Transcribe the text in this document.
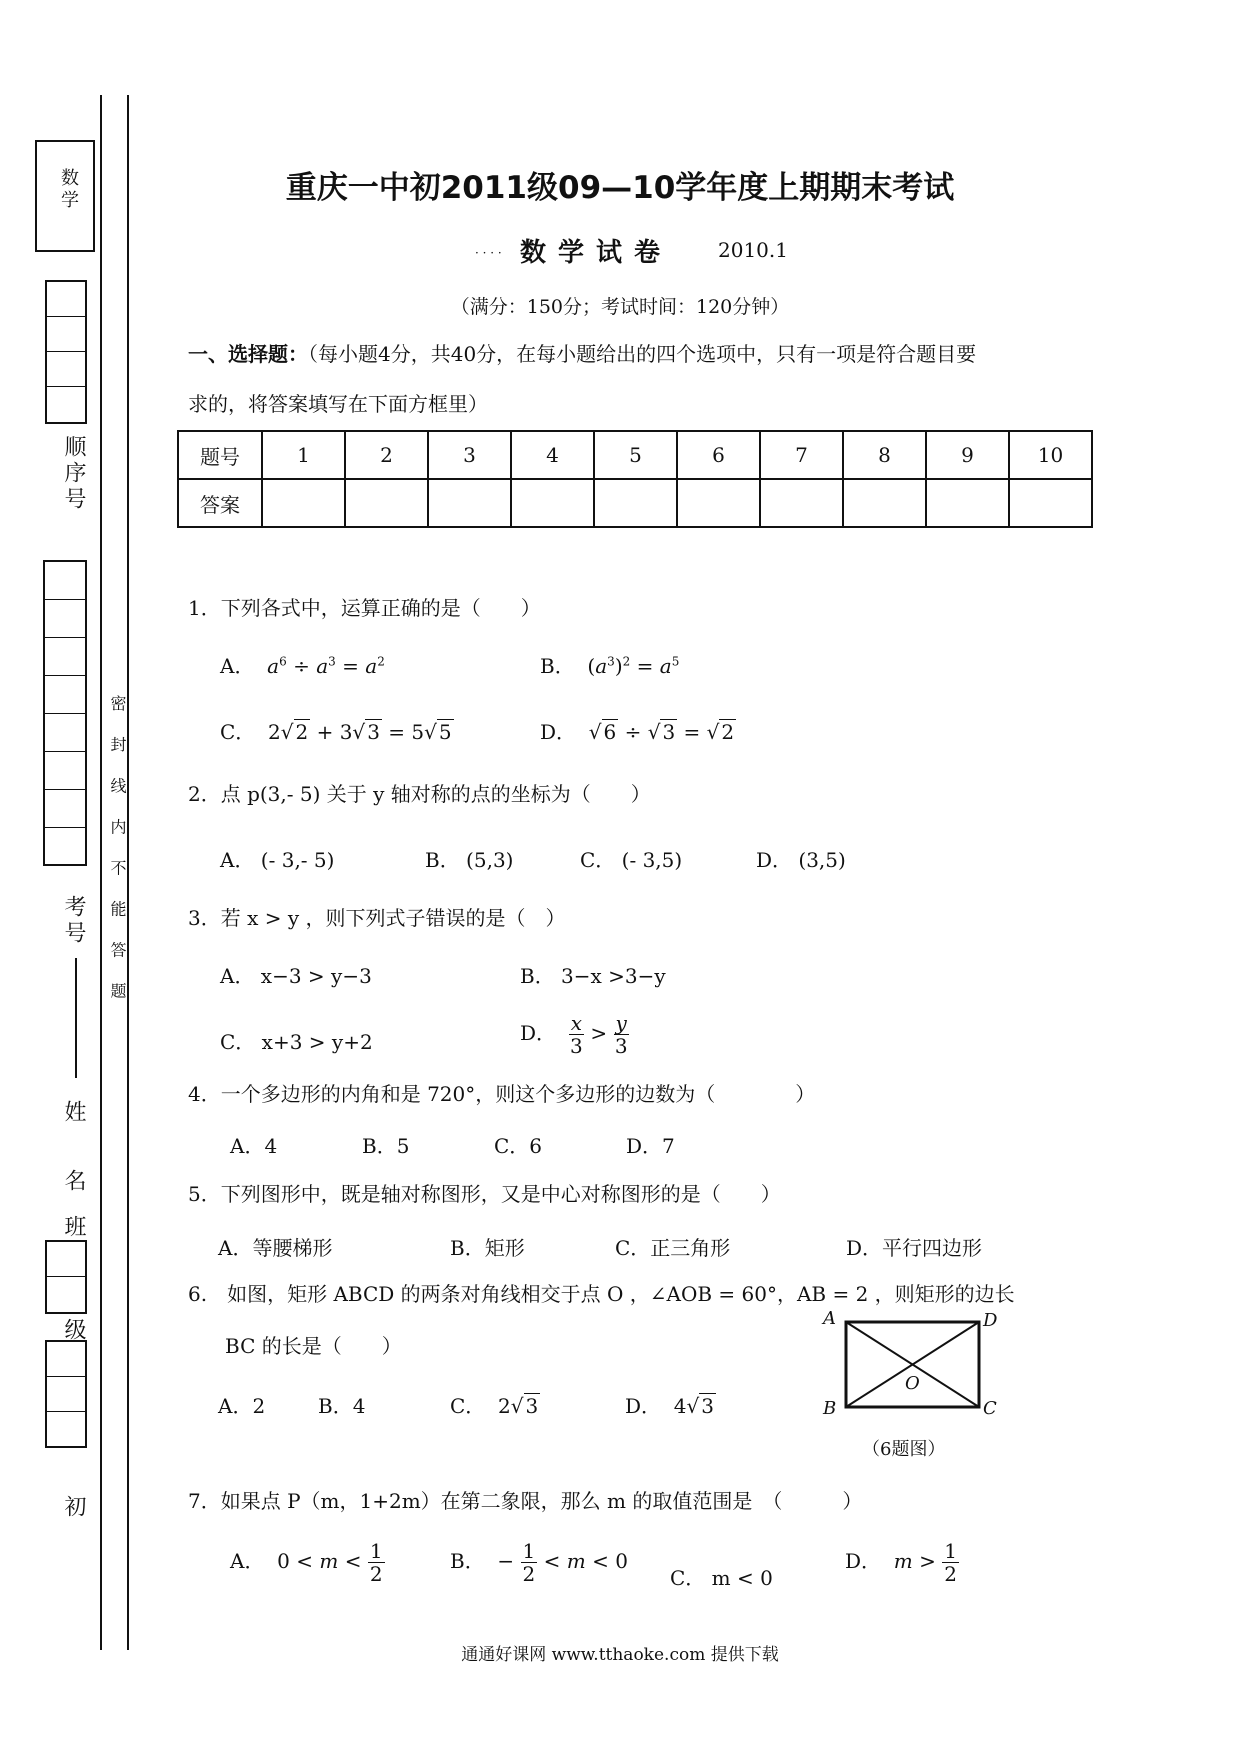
数学
顺序号
考号
姓 名
班
级
初
密 封 线 内 不 能 答 题
重庆一中初2011级09—10学年度上期期末考试
· · · · 数学试卷 2010.1
（满分：150分；考试时间：120分钟）
一、选择题：（每小题4分，共40分，在每小题给出的四个选项中，只有一项是符合题目要
求的，将答案填写在下面方框里）
题号	1	2	3	4	5	6	7	8	9	10
答案										
1．下列各式中，运算正确的是（　　）
A． $a^6 \div a^3 = a^2$	B．  $(a^3)^2 = a^5$
C．  2√ 2 + 3√ 3 = 5√ 5	D．  √ 6 ÷ √ 3 = √ 2
2．点 p(3,- 5) 关于 y 轴对称的点的坐标为（　　）
A． (- 3,- 5)	B． (5,3)	C． (- 3,5)	D． (3,5)
3．若 x > y ，则下列式子错误的是（　）
A． x−3 > y−3	B． 3−x >3−y
C． x+3 > y+2	D． $\frac{x}{3} > \frac{y}{3}$
4．一个多边形的内角和是 720°，则这个多边形的边数为（　　　　）
A．4	B．5	C．6	D．7
5．下列图形中，既是轴对称图形，又是中心对称图形的是（　　）
A．等腰梯形	B．矩形	C．正三角形	D．平行四边形
6.　如图，矩形 ABCD 的两条对角线相交于点 O ，∠AOB = 60°，AB = 2 ，则矩形的边长
BC 的长是（　　）
A．2	B．4	C．  2√ 3	D．  4√ 3
A	D
B	C
O
（6题图）
7．如果点 P（m，1+2m）在第二象限，那么 m 的取值范围是　（　　　）
A．  $0 < m < \frac{1}{2}$	B．  − $\frac{1}{2} < m < 0$
C． m < 0
D． $m > \frac{1}{2}$
通通好课网 www.tthaoke.com 提供下载
